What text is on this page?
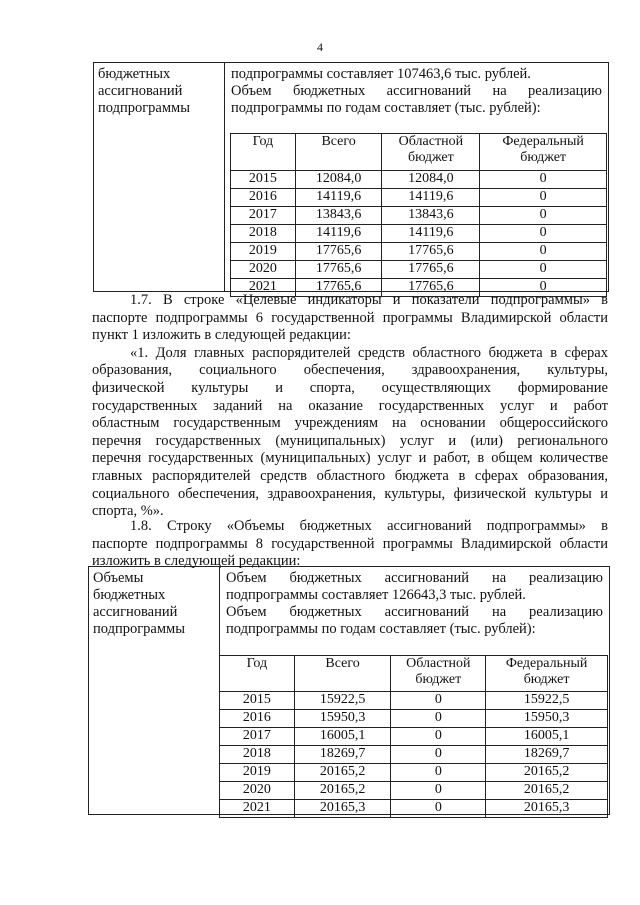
4
бюджетных
ассигнований
подпрограммы
подпрограммы составляет 107463,6 тыс. рублей.
Объем бюджетных ассигнований на реализацию
подпрограммы по годам составляет (тыс. рублей):
Год	Всего	Областной бюджет	Федеральный бюджет
2015	12084,0	12084,0	0
2016	14119,6	14119,6	0
2017	13843,6	13843,6	0
2018	14119,6	14119,6	0
2019	17765,6	17765,6	0
2020	17765,6	17765,6	0
2021	17765,6	17765,6	0
1.7. В строке «Целевые индикаторы и показатели подпрограммы» в
паспорте подпрограммы 6 государственной программы Владимирской области
пункт 1 изложить в следующей редакции:
«1. Доля главных распорядителей средств областного бюджета в сферах
образования, социального обеспечения, здравоохранения, культуры,
физической культуры и спорта, осуществляющих формирование
государственных заданий на оказание государственных услуг и работ
областным государственным учреждениям на основании общероссийского
перечня государственных (муниципальных) услуг и (или) регионального
перечня государственных (муниципальных) услуг и работ, в общем количестве
главных распорядителей средств областного бюджета в сферах образования,
социального обеспечения, здравоохранения, культуры, физической культуры и
спорта, %».
1.8. Строку «Объемы бюджетных ассигнований подпрограммы» в
паспорте подпрограммы 8 государственной программы Владимирской области
изложить в следующей редакции:
Объемы
бюджетных
ассигнований
подпрограммы
Объем бюджетных ассигнований на реализацию
подпрограммы составляет 126643,3 тыс. рублей.
Объем бюджетных ассигнований на реализацию
подпрограммы по годам составляет (тыс. рублей):
Год	Всего	Областной бюджет	Федеральный бюджет
2015	15922,5	0	15922,5
2016	15950,3	0	15950,3
2017	16005,1	0	16005,1
2018	18269,7	0	18269,7
2019	20165,2	0	20165,2
2020	20165,2	0	20165,2
2021	20165,3	0	20165,3
